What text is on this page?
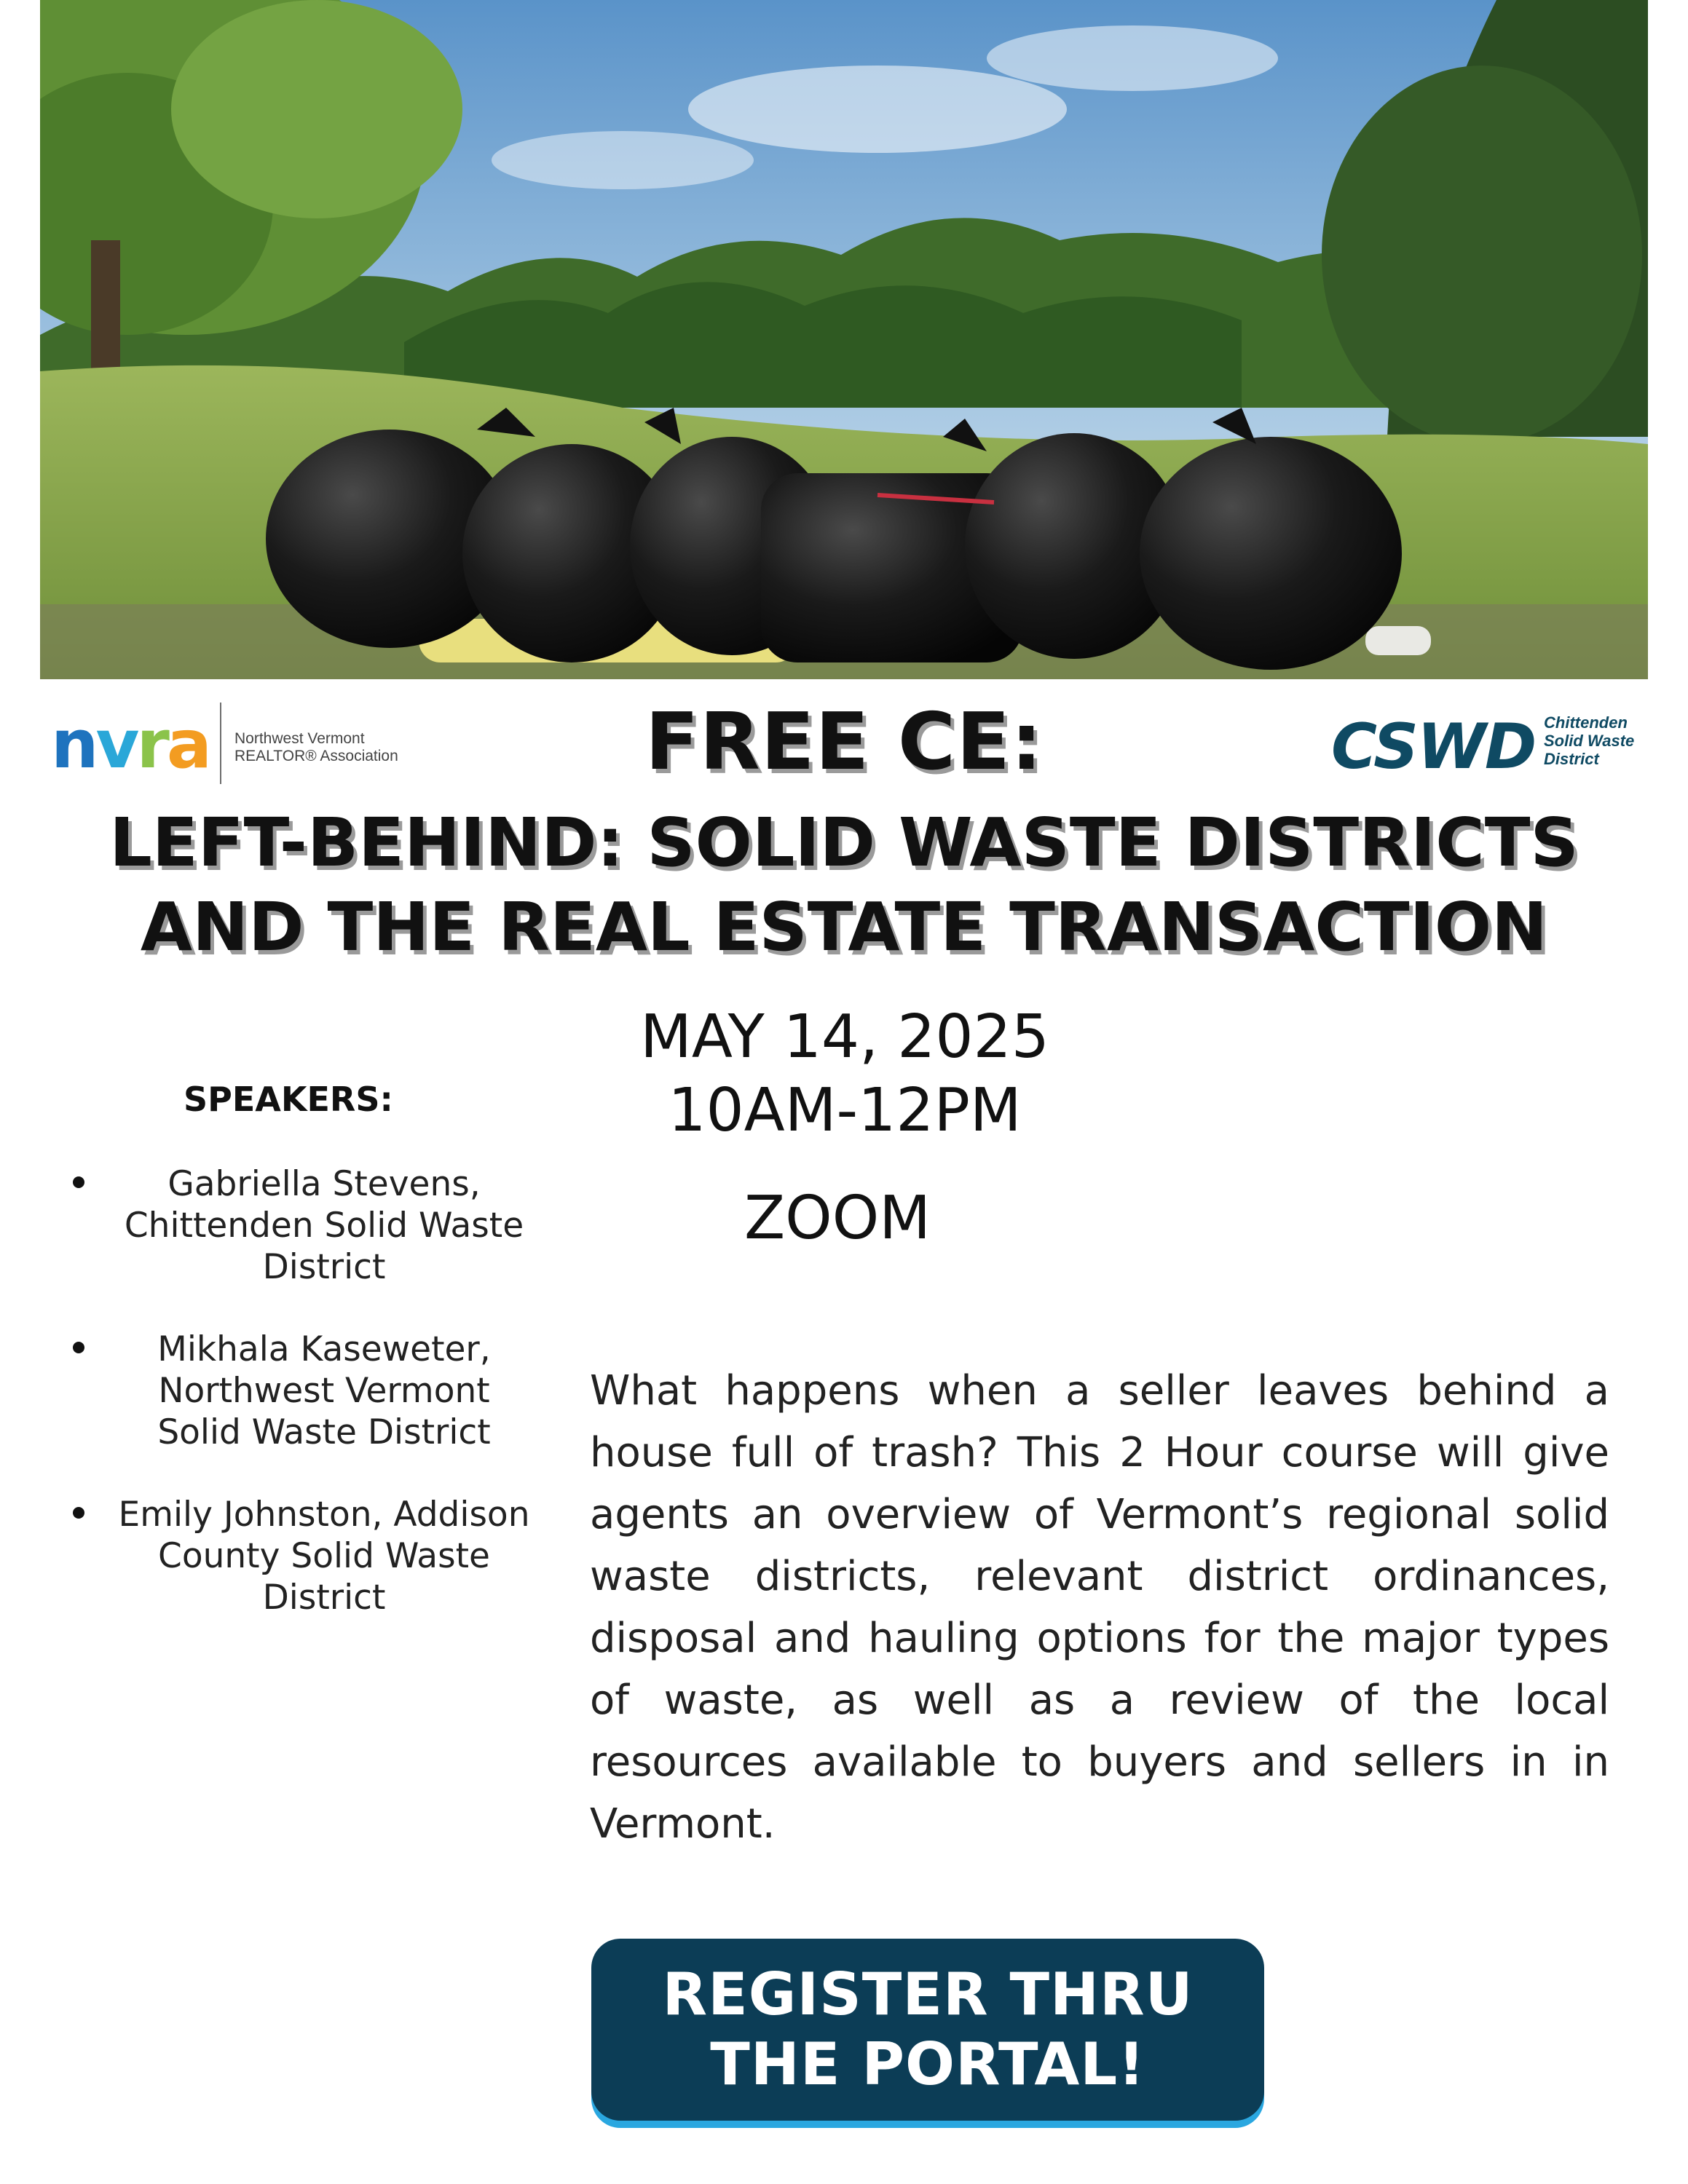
nvra Northwest Vermont
REALTOR® Association	CSWD Chittenden
Solid Waste
District
FREE CE:
LEFT-BEHIND: SOLID WASTE DISTRICTS
AND THE REAL ESTATE TRANSACTION
MAY 14, 2025
10AM-12PM
ZOOM
SPEAKERS:
Gabriella Stevens, Chittenden Solid Waste District
Mikhala Kaseweter, Northwest Vermont Solid Waste District
Emily Johnston, Addison County Solid Waste District
What happens when a seller leaves behind a house full of trash? This 2 Hour course will give agents an overview of Vermont’s regional solid waste districts, relevant district ordinances, disposal and hauling options for the major types of waste, as well as a review of the local resources available to buyers and sellers in in Vermont.
REGISTER THRU
THE PORTAL!
